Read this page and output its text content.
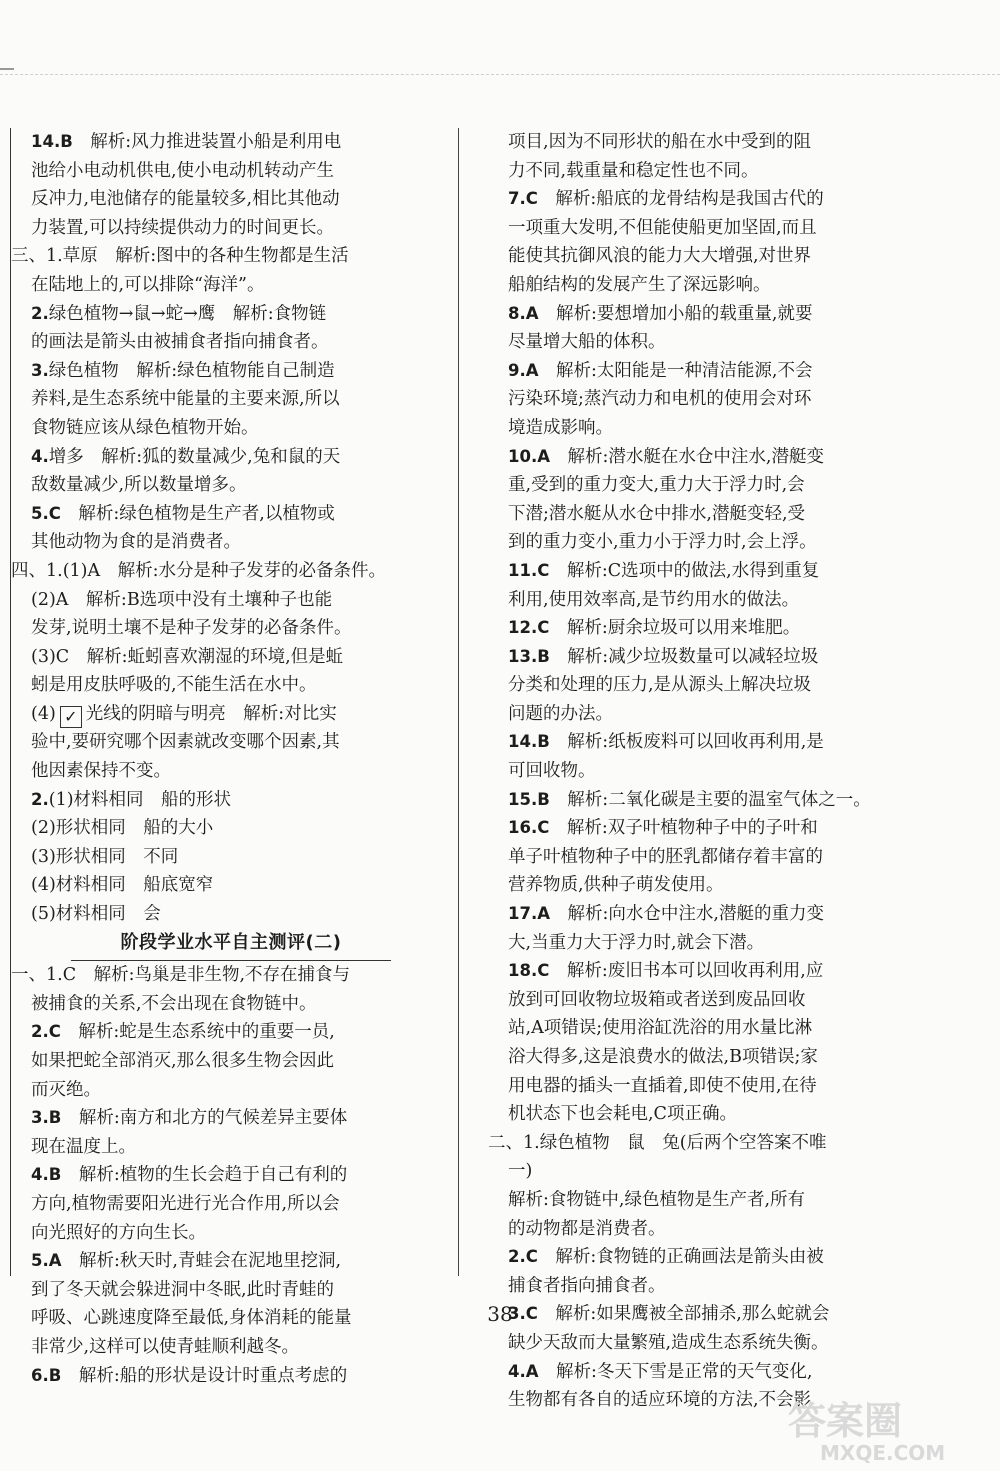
14.B　解析:风力推进装置小船是利用电
池给小电动机供电,使小电动机转动产生
反冲力,电池储存的能量较多,相比其他动
力装置,可以持续提供动力的时间更长。
三、1.草原　解析:图中的各种生物都是生活
在陆地上的,可以排除“海洋”。
2.绿色植物→鼠→蛇→鹰　解析:食物链
的画法是箭头由被捕食者指向捕食者。
3.绿色植物　解析:绿色植物能自己制造
养料,是生态系统中能量的主要来源,所以
食物链应该从绿色植物开始。
4.增多　解析:狐的数量减少,兔和鼠的天
敌数量减少,所以数量增多。
5.C　解析:绿色植物是生产者,以植物或
其他动物为食的是消费者。
四、1.(1)A　解析:水分是种子发芽的必备条件。
(2)A　解析:B选项中没有土壤种子也能
发芽,说明土壤不是种子发芽的必备条件。
(3)C　解析:蚯蚓喜欢潮湿的环境,但是蚯
蚓是用皮肤呼吸的,不能生活在水中。
(4) ✓ 光线的阴暗与明亮　解析:对比实
验中,要研究哪个因素就改变哪个因素,其
他因素保持不变。
2.(1)材料相同　船的形状
(2)形状相同　船的大小
(3)形状相同　不同
(4)材料相同　船底宽窄
(5)材料相同　会
阶段学业水平自主测评(二)
一、1.C　解析:鸟巢是非生物,不存在捕食与
被捕食的关系,不会出现在食物链中。
2.C　解析:蛇是生态系统中的重要一员,
如果把蛇全部消灭,那么很多生物会因此
而灭绝。
3.B　解析:南方和北方的气候差异主要体
现在温度上。
4.B　解析:植物的生长会趋于自己有利的
方向,植物需要阳光进行光合作用,所以会
向光照好的方向生长。
5.A　解析:秋天时,青蛙会在泥地里挖洞,
到了冬天就会躲进洞中冬眠,此时青蛙的
呼吸、心跳速度降至最低,身体消耗的能量
非常少,这样可以使青蛙顺利越冬。
6.B　解析:船的形状是设计时重点考虑的
项目,因为不同形状的船在水中受到的阻
力不同,载重量和稳定性也不同。
7.C　解析:船底的龙骨结构是我国古代的
一项重大发明,不但能使船更加坚固,而且
能使其抗御风浪的能力大大增强,对世界
船舶结构的发展产生了深远影响。
8.A　解析:要想增加小船的载重量,就要
尽量增大船的体积。
9.A　解析:太阳能是一种清洁能源,不会
污染环境;蒸汽动力和电机的使用会对环
境造成影响。
10.A　解析:潜水艇在水仓中注水,潜艇变
重,受到的重力变大,重力大于浮力时,会
下潜;潜水艇从水仓中排水,潜艇变轻,受
到的重力变小,重力小于浮力时,会上浮。
11.C　解析:C选项中的做法,水得到重复
利用,使用效率高,是节约用水的做法。
12.C　解析:厨余垃圾可以用来堆肥。
13.B　解析:减少垃圾数量可以减轻垃圾
分类和处理的压力,是从源头上解决垃圾
问题的办法。
14.B　解析:纸板废料可以回收再利用,是
可回收物。
15.B　解析:二氧化碳是主要的温室气体之一。
16.C　解析:双子叶植物种子中的子叶和
单子叶植物种子中的胚乳都储存着丰富的
营养物质,供种子萌发使用。
17.A　解析:向水仓中注水,潜艇的重力变
大,当重力大于浮力时,就会下潜。
18.C　解析:废旧书本可以回收再利用,应
放到可回收物垃圾箱或者送到废品回收
站,A项错误;使用浴缸洗浴的用水量比淋
浴大得多,这是浪费水的做法,B项错误;家
用电器的插头一直插着,即使不使用,在待
机状态下也会耗电,C项正确。
二、1.绿色植物　鼠　兔(后两个空答案不唯
一)
解析:食物链中,绿色植物是生产者,所有
的动物都是消费者。
2.C　解析:食物链的正确画法是箭头由被
捕食者指向捕食者。
3.C　解析:如果鹰被全部捕杀,那么蛇就会
缺少天敌而大量繁殖,造成生态系统失衡。
4.A　解析:冬天下雪是正常的天气变化,
生物都有各自的适应环境的方法,不会影
38
答案圈
MXQE.COM
